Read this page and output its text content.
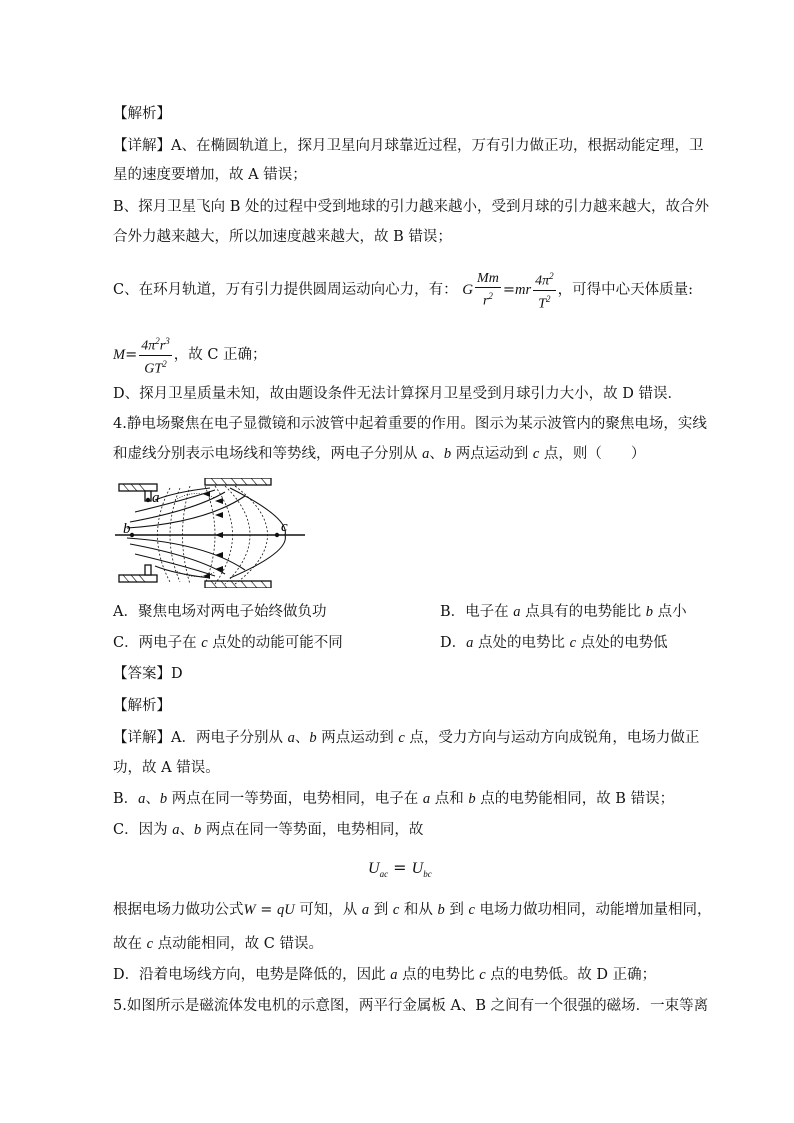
【解析】
【详解】A、在椭圆轨道上，探月卫星向月球靠近过程，万有引力做正功，根据动能定理，卫
星的速度要增加，故 A 错误；
B、探月卫星飞向 B 处的过程中受到地球的引力越来越小，受到月球的引力越来越大，故合外
合外力越来越大，所以加速度越来越大，故 B 错误；
C、在环月轨道，万有引力提供圆周运动向心力，有： G $\frac{Mm}{r^2} =mr \frac{4\pi^2}{T^2}$ ，可得中心天体质量:
$M= \frac{4\pi^2r^3}{GT^2}$ ，故 C 正确；
D、探月卫星质量未知，故由题设条件无法计算探月卫星受到月球引力大小，故 D 错误．
4.静电场聚焦在电子显微镜和示波管中起着重要的作用。图示为某示波管内的聚焦电场，实线
和虚线分别表示电场线和等势线，两电子分别从 a、b 两点运动到 c 点，则（　　）
a
b	c
A．聚焦电场对两电子始终做负功	B．电子在 a 点具有的电势能比 b 点小
C．两电子在 c 点处的动能可能不同	D．a 点处的电势比 c 点处的电势低
【答案】D
【解析】
【详解】A．两电子分别从 a、b 两点运动到 c 点，受力方向与运动方向成锐角，电场力做正
功，故 A 错误。
B．a、b 两点在同一等势面，电势相同，电子在 a 点和 b 点的电势能相同，故 B 错误；
C．因为 a、b 两点在同一等势面，电势相同，故
$U_{ac} = U_{bc}$
根据电场力做功公式W = qU 可知，从 a 到 c 和从 b 到 c 电场力做功相同，动能增加量相同，
故在 c 点动能相同，故 C 错误。
D．沿着电场线方向，电势是降低的，因此 a 点的电势比 c 点的电势低。故 D 正确；
5.如图所示是磁流体发电机的示意图，两平行金属板 A、B 之间有一个很强的磁场．一束等离
